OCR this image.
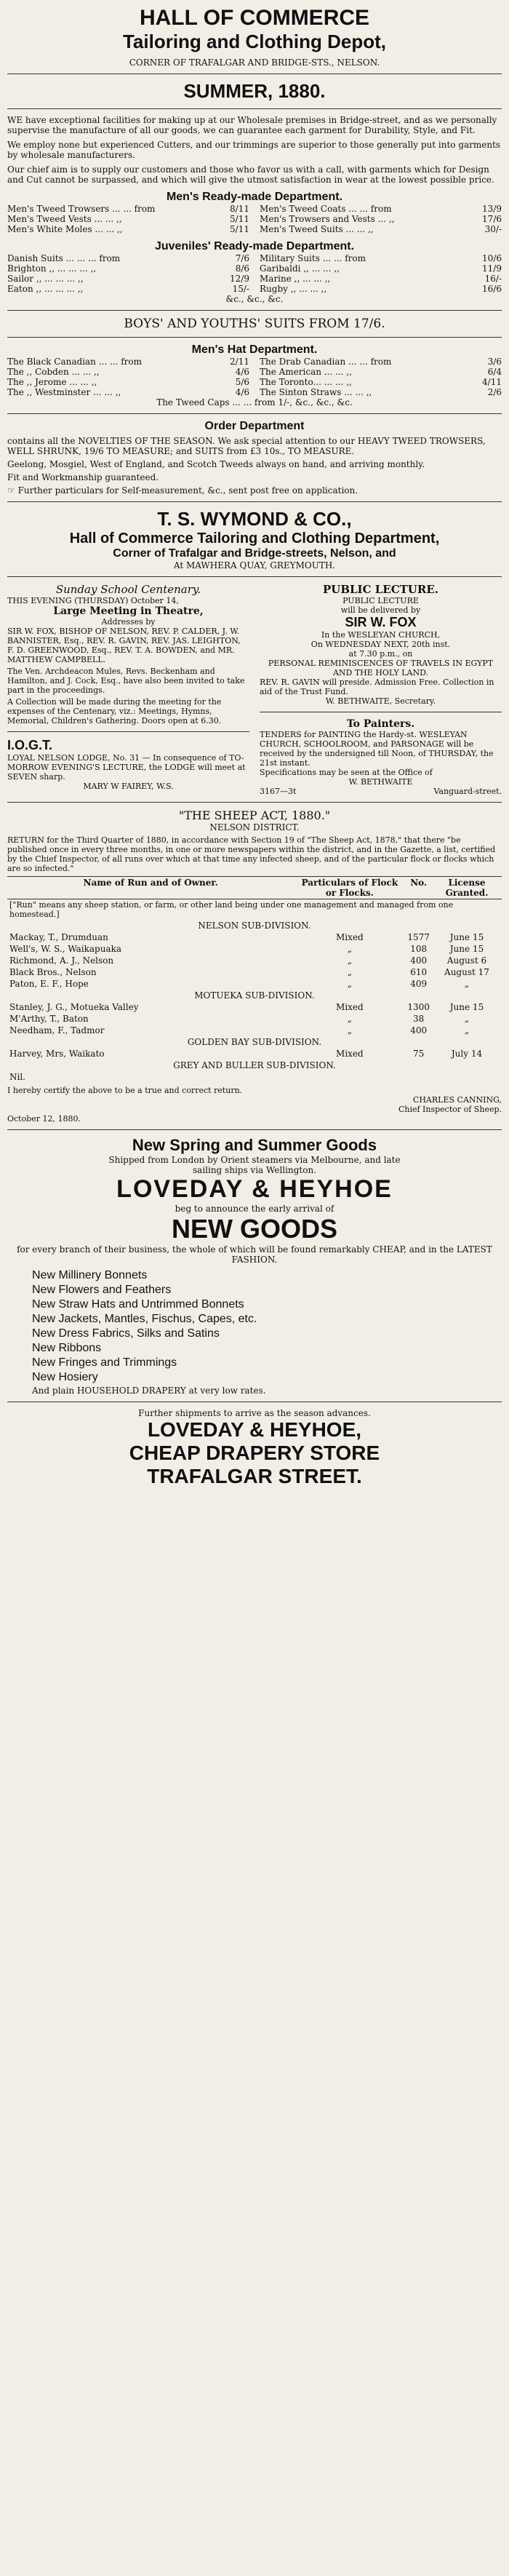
HALL OF COMMERCE
Tailoring and Clothing Depot,
CORNER OF TRAFALGAR AND BRIDGE-STS., NELSON.
SUMMER, 1880.

WE have exceptional facilities for making up at our Wholesale premises in Bridge-street, and as we personally supervise the manufacture of all our goods, we can guarantee each garment for Durability, Style, and Fit.

We employ none but experienced Cutters, and our trimmings are superior to those generally put into garments by wholesale manufacturers.

Our chief aim is to supply our customers and those who favor us with a call, with garments which for Design and Cut cannot be surpassed, and which will give the utmost satisfaction in wear at the lowest possible price.

Men's Ready-made Department.
Men's Tweed Trowsers ... ... from	8/11
Men's Tweed Vests ... ... ,,	5/11
Men's White Moles ... ... ,,	5/11
Men's Tweed Coats ... ... from	13/9
Men's Trowsers and Vests ... ,,	17/6
Men's Tweed Suits ... ... ,,	30/-
Juveniles' Ready-made Department.
Danish Suits ... ... ... from	7/6
Brighton ,, ... ... ... ,,	8/6
Sailor ,, ... ... ... ,,	12/9
Eaton ,, ... ... ... ,,	15/-
Military Suits ... ... from	10/6
Garibaldi ,, ... ... ,,	11/9
Marine ,, ... ... ,,	16/-
Rugby ,, ... ... ,,	16/6
&c., &c., &c.
BOYS' AND YOUTHS' SUITS FROM 17/6.
Men's Hat Department.
The Black Canadian ... ... from	2/11
The ,, Cobden ... ... ,,	4/6
The ,, Jerome ... ... ,,	5/6
The ,, Westminster ... ... ,,	4/6
The Drab Canadian ... ... from	3/6
The American ... ... ,,	6/4
The Toronto... ... ... ,,	4/11
The Sinton Straws ... ... ,,	2/6
The Tweed Caps ... ... from 1/-, &c., &c., &c.
Order Department

contains all the NOVELTIES OF THE SEASON. We ask special attention to our HEAVY TWEED TROWSERS, WELL SHRUNK, 19/6 TO MEASURE; and SUITS from £3 10s., TO MEASURE.

Geelong, Mosgiel, West of England, and Scotch Tweeds always on hand, and arriving monthly.

Fit and Workmanship guaranteed.

☞ Further particulars for Self-measurement, &c., sent post free on application.

T. S. WYMOND & CO.,
Hall of Commerce Tailoring and Clothing Department,
Corner of Trafalgar and Bridge-streets, Nelson, and
At MAWHERA QUAY, GREYMOUTH.
Sunday School Centenary.
THIS EVENING (THURSDAY) October 14,
Large Meeting in Theatre,
Addresses by
SIR W. FOX, BISHOP OF NELSON, REV. P. CALDER, J. W. BANNISTER, Esq., REV. R. GAVIN, REV. JAS. LEIGHTON, F. D. GREENWOOD, Esq., REV. T. A. BOWDEN, and MR. MATTHEW CAMPBELL.
The Ven. Archdeacon Mules, Revs. Beckenham and Hamilton, and J. Cock, Esq., have also been invited to take part in the proceedings.
A Collection will be made during the meeting for the expenses of the Centenary, viz.: Meetings, Hymns, Memorial, Children's Gathering. Doors open at 6.30.
I.O.G.T.
LOYAL NELSON LODGE, No. 31 — In consequence of TO-MORROW EVENING'S LECTURE, the LODGE will meet at SEVEN sharp.
MARY W FAIREY, W.S.
PUBLIC LECTURE.
PUBLIC LECTURE
will be delivered by
SIR W. FOX
In the WESLEYAN CHURCH,
On WEDNESDAY NEXT, 20th inst.
at 7.30 p.m., on
PERSONAL REMINISCENCES OF TRAVELS IN EGYPT AND THE HOLY LAND.
REV. R. GAVIN will preside. Admission Free. Collection in aid of the Trust Fund.
W. BETHWAITE, Secretary.
To Painters.
TENDERS for PAINTING the Hardy-st. WESLEYAN CHURCH, SCHOOLROOM, and PARSONAGE will be received by the undersigned till Noon, of THURSDAY, the 21st instant.
Specifications may be seen at the Office of
W. BETHWAITE
3167—3t	Vanguard-street.
"THE SHEEP ACT, 1880."
NELSON DISTRICT.

RETURN for the Third Quarter of 1880, in accordance with Section 19 of "The Sheep Act, 1878," that there "be published once in every three months, in one or more newspapers within the district, and in the Gazette, a list, certified by the Chief Inspector, of all runs over which at that time any infected sheep, and of the particular flock or flocks which are so infected."

Name of Run and of Owner.	Particulars of Flock or Flocks.	No.	License Granted.
["Run" means any sheep station, or farm, or other land being under one management and managed from one homestead.]			
NELSON SUB-DIVISION.			
Mackay, T., Drumduan	Mixed	1577	June 15
Well's, W. S., Waikapuaka	„	108	June 15
Richmond, A. J., Nelson	„	400	August 6
Black Bros., Nelson	„	610	August 17
Paton, E. F., Hope	„	409	„
MOTUEKA SUB-DIVISION.			
Stanley, J. G., Motueka Valley	Mixed	1300	June 15
M'Arthy, T., Baton	„	38	„
Needham, F., Tadmor	„	400	„
GOLDEN BAY SUB-DIVISION.			
Harvey, Mrs, Waikato	Mixed	75	July 14
GREY AND BULLER SUB-DIVISION.			
Nil.			
I hereby certify the above to be a true and correct return.
CHARLES CANNING,
Chief Inspector of Sheep.
October 12, 1880.
New Spring and Summer Goods
Shipped from London by Orient steamers via Melbourne, and late
sailing ships via Wellington.
LOVEDAY & HEYHOE
beg to announce the early arrival of
NEW GOODS
for every branch of their business, the whole of which will be found remarkably CHEAP, and in the LATEST FASHION.
New Millinery Bonnets
New Flowers and Feathers
New Straw Hats and Untrimmed Bonnets
New Jackets, Mantles, Fischus, Capes, etc.
New Dress Fabrics, Silks and Satins
New Ribbons
New Fringes and Trimmings
New Hosiery
And plain HOUSEHOLD DRAPERY at very low rates.
Further shipments to arrive as the season advances.
LOVEDAY & HEYHOE,
CHEAP DRAPERY STORE
TRAFALGAR STREET.
